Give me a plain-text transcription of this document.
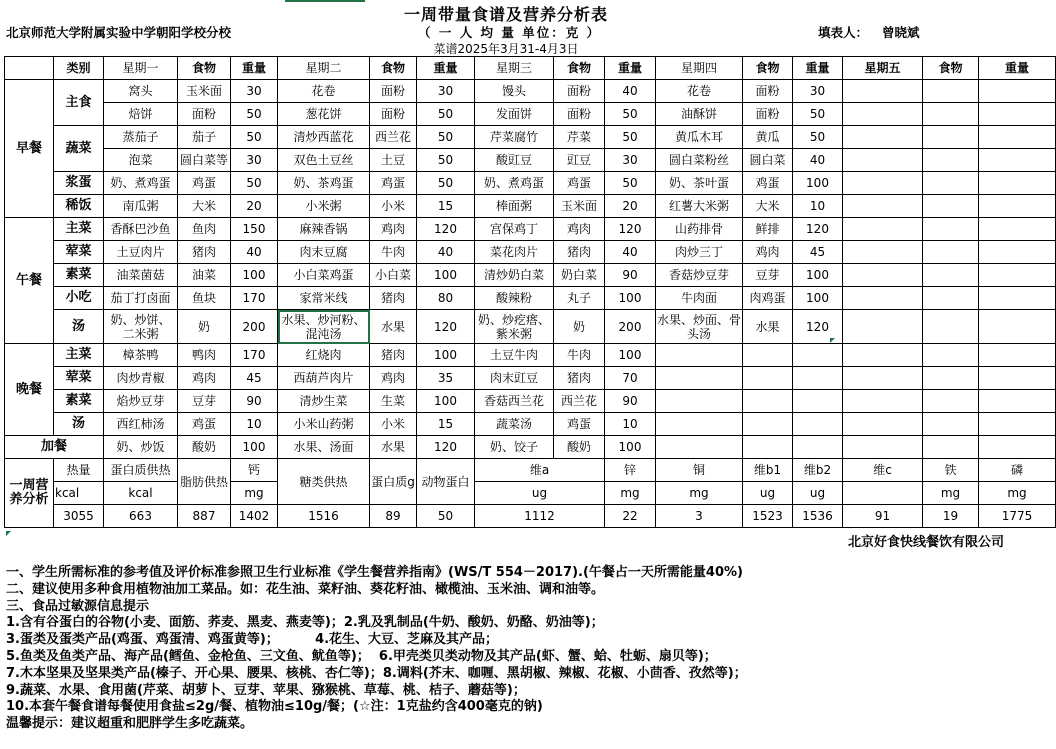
一周带量食谱及营养分析表
北京师范大学附属实验中学朝阳学校分校	（ 一 人 均 量 单位：克 ）	填表人： 曾晓斌
菜谱2025年3月31-4月3日
	类别	星期一	食物	重量	星期二	食物	重量	星期三	食物	重量	星期四	食物	重量	星期五	食物	重量	
早餐	主食	窝头	玉米面	30	花卷	面粉	30	馒头	面粉	40	花卷	面粉	30				
		焙饼	面粉	50	葱花饼	面粉	50	发面饼	面粉	50	油酥饼	面粉	50				
	蔬菜	蒸茄子	茄子	50	清炒西蓝花	西兰花	50	芹菜腐竹	芹菜	50	黄瓜木耳	黄瓜	50				
		泡菜	圆白菜等	30	双色土豆丝	土豆	50	酸豇豆	豇豆	30	圆白菜粉丝	圆白菜	40				
	浆蛋	奶、煮鸡蛋	鸡蛋	50	奶、茶鸡蛋	鸡蛋	50	奶、煮鸡蛋	鸡蛋	50	奶、茶叶蛋	鸡蛋	100				
	稀饭	南瓜粥	大米	20	小米粥	小米	15	棒面粥	玉米面	20	红薯大米粥	大米	10				
午餐	主菜	香酥巴沙鱼	鱼肉	150	麻辣香锅	鸡肉	120	宫保鸡丁	鸡肉	120	山药排骨	鲜排	120				
	荤菜	土豆肉片	猪肉	40	肉末豆腐	牛肉	40	菜花肉片	猪肉	40	肉炒三丁	鸡肉	45				
	素菜	油菜菌菇	油菜	100	小白菜鸡蛋	小白菜	100	清炒奶白菜	奶白菜	90	香菇炒豆芽	豆芽	100				
	小吃	茄丁打卤面	鱼块	170	家常米线	猪肉	80	酸辣粉	丸子	100	牛肉面	肉鸡蛋	100				
	汤	奶、炒饼、二米粥	奶	200	水果、炒河粉、混沌汤	水果	120	奶、炒疙瘩、紫米粥	奶	200	水果、炒面、骨头汤	水果	120				
晚餐	主菜	樟茶鸭	鸭肉	170	红烧肉	猪肉	100	土豆牛肉	牛肉	100							
	荤菜	肉炒青椒	鸡肉	45	西葫芦肉片	鸡肉	35	肉末豇豆	猪肉	70							
	素菜	焰炒豆芽	豆芽	90	清炒生菜	生菜	100	香菇西兰花	西兰花	90							
	汤	西红柿汤	鸡蛋	10	小米山药粥	小米	15	蔬菜汤	鸡蛋	10							
加餐		奶、炒饭	酸奶	100	水果、汤面	水果	120	奶、饺子	酸奶	100							
一周营养分析	热量	蛋白质供热	脂肪供热	钙	糖类供热	蛋白质g	动物蛋白	维a		锌	铜	维b1	维b2	维c	铁	磷	
	kcal	kcal		mg				ug		mg	mg	ug	ug		mg	mg		
	3055	663	887	1402	1516	89	50	1112		22	3	1523	1536	91	19	1775	
北京好食快线餐饮有限公司
一、学生所需标准的参考值及评价标准参照卫生行业标准《学生餐营养指南》(WS/T 554－2017).(午餐占一天所需能量40%)
二、建议使用多种食用植物油加工菜品。如：花生油、菜籽油、葵花籽油、橄榄油、玉米油、调和油等。
三、食品过敏源信息提示
1.含有谷蛋白的谷物(小麦、面筋、荞麦、黑麦、燕麦等)；2.乳及乳制品(牛奶、酸奶、奶酪、奶油等)；
3.蛋类及蛋类产品(鸡蛋、鸡蛋清、鸡蛋黄等)；        4.花生、大豆、芝麻及其产品；
5.鱼类及鱼类产品、海产品(鳕鱼、金枪鱼、三文鱼、鱿鱼等)；  6.甲壳类贝类动物及其产品(虾、蟹、蛤、牡蛎、扇贝等)；
7.木本坚果及坚果类产品(榛子、开心果、腰果、核桃、杏仁等)；8.调料(芥末、咖喱、黑胡椒、辣椒、花椒、小茴香、孜然等)；
9.蔬菜、水果、食用菌(芹菜、胡萝卜、豆芽、苹果、猕猴桃、草莓、桃、桔子、蘑菇等)；
10.本套午餐食谱每餐使用食盐≤2g/餐、植物油≤10g/餐；(☆注：1克盐约含400毫克的钠)
温馨提示：建议超重和肥胖学生多吃蔬菜。
